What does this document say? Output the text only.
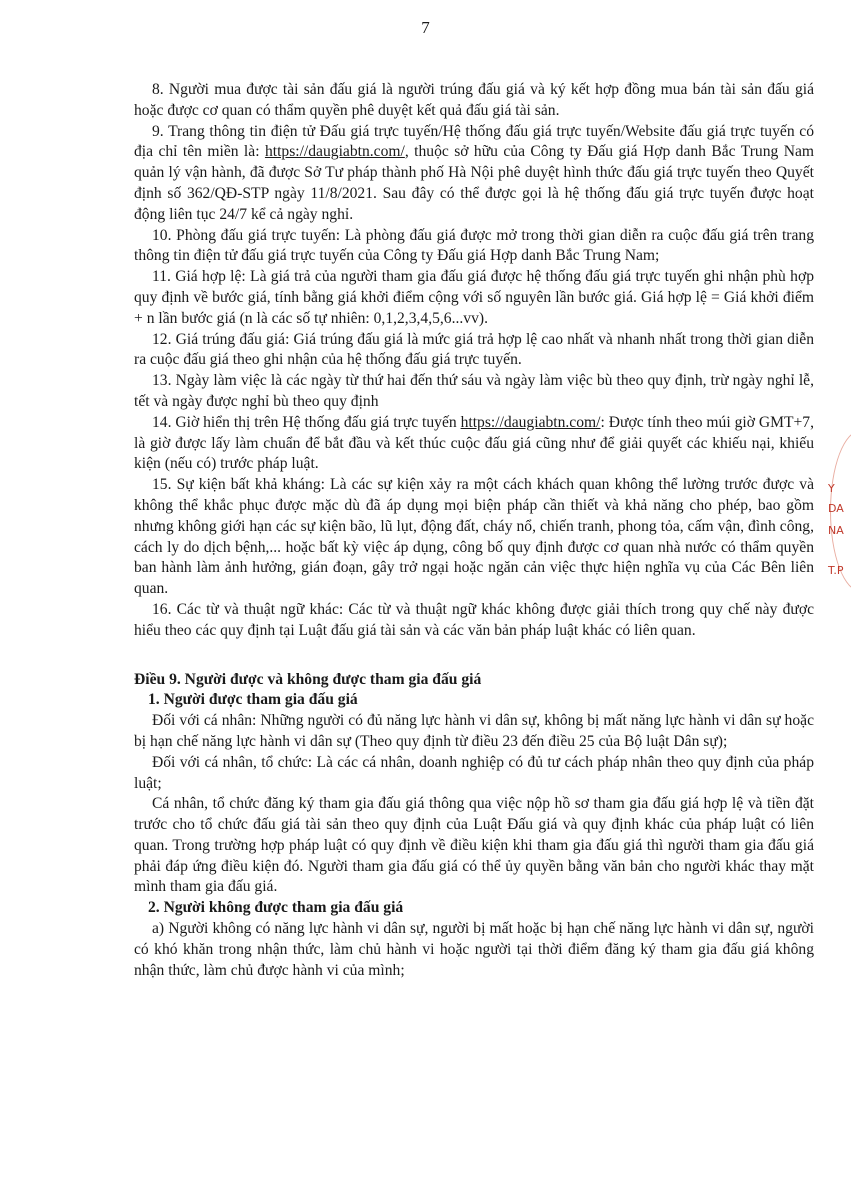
7

8. Người mua được tài sản đấu giá là người trúng đấu giá và ký kết hợp đồng mua bán tài sản đấu giá hoặc được cơ quan có thẩm quyền phê duyệt kết quả đấu giá tài sản.

9. Trang thông tin điện tử Đấu giá trực tuyến/Hệ thống đấu giá trực tuyến/Website đấu giá trực tuyến có địa chỉ tên miền là: https://daugiabtn.com/, thuộc sở hữu của Công ty Đấu giá Hợp danh Bắc Trung Nam quản lý vận hành, đã được Sở Tư pháp thành phố Hà Nội phê duyệt hình thức đấu giá trực tuyến theo Quyết định số 362/QĐ-STP ngày 11/8/2021. Sau đây có thể được gọi là hệ thống đấu giá trực tuyến được hoạt động liên tục 24/7 kể cả ngày nghỉ.

10. Phòng đấu giá trực tuyến: Là phòng đấu giá được mở trong thời gian diễn ra cuộc đấu giá trên trang thông tin điện tử đấu giá trực tuyến của Công ty Đấu giá Hợp danh Bắc Trung Nam;

11. Giá hợp lệ: Là giá trả của người tham gia đấu giá được hệ thống đấu giá trực tuyến ghi nhận phù hợp quy định về bước giá, tính bằng giá khởi điểm cộng với số nguyên lần bước giá. Giá hợp lệ = Giá khởi điểm + n lần bước giá (n là các số tự nhiên: 0,1,2,3,4,5,6...vv).

12. Giá trúng đấu giá: Giá trúng đấu giá là mức giá trả hợp lệ cao nhất và nhanh nhất trong thời gian diễn ra cuộc đấu giá theo ghi nhận của hệ thống đấu giá trực tuyến.

13. Ngày làm việc là các ngày từ thứ hai đến thứ sáu và ngày làm việc bù theo quy định, trừ ngày nghỉ lễ, tết và ngày được nghỉ bù theo quy định

14. Giờ hiển thị trên Hệ thống đấu giá trực tuyến https://daugiabtn.com/: Được tính theo múi giờ GMT+7, là giờ được lấy làm chuẩn để bắt đầu và kết thúc cuộc đấu giá cũng như để giải quyết các khiếu nại, khiếu kiện (nếu có) trước pháp luật.

15. Sự kiện bất khả kháng: Là các sự kiện xảy ra một cách khách quan không thể lường trước được và không thể khắc phục được mặc dù đã áp dụng mọi biện pháp cần thiết và khả năng cho phép, bao gồm nhưng không giới hạn các sự kiện bão, lũ lụt, động đất, cháy nổ, chiến tranh, phong tỏa, cấm vận, đình công, cách ly do dịch bệnh,... hoặc bất kỳ việc áp dụng, công bố quy định được cơ quan nhà nước có thẩm quyền ban hành làm ảnh hưởng, gián đoạn, gây trở ngại hoặc ngăn cản việc thực hiện nghĩa vụ của Các Bên liên quan.

16. Các từ và thuật ngữ khác: Các từ và thuật ngữ khác không được giải thích trong quy chế này được hiểu theo các quy định tại Luật đấu giá tài sản và các văn bản pháp luật khác có liên quan.

Điều 9. Người được và không được tham gia đấu giá

1. Người được tham gia đấu giá

Đối với cá nhân: Những người có đủ năng lực hành vi dân sự, không bị mất năng lực hành vi dân sự hoặc bị hạn chế năng lực hành vi dân sự (Theo quy định từ điều 23 đến điều 25 của Bộ luật Dân sự);

Đối với cá nhân, tổ chức: Là các cá nhân, doanh nghiệp có đủ tư cách pháp nhân theo quy định của pháp luật;

Cá nhân, tổ chức đăng ký tham gia đấu giá thông qua việc nộp hồ sơ tham gia đấu giá hợp lệ và tiền đặt trước cho tổ chức đấu giá tài sản theo quy định của Luật Đấu giá và quy định khác của pháp luật có liên quan. Trong trường hợp pháp luật có quy định về điều kiện khi tham gia đấu giá thì người tham gia đấu giá phải đáp ứng điều kiện đó. Người tham gia đấu giá có thể ủy quyền bằng văn bản cho người khác thay mặt mình tham gia đấu giá.

2. Người không được tham gia đấu giá

a) Người không có năng lực hành vi dân sự, người bị mất hoặc bị hạn chế năng lực hành vi dân sự, người có khó khăn trong nhận thức, làm chủ hành vi hoặc người tại thời điểm đăng ký tham gia đấu giá không nhận thức, làm chủ được hành vi của mình;

Y
DA
NA
T.P
